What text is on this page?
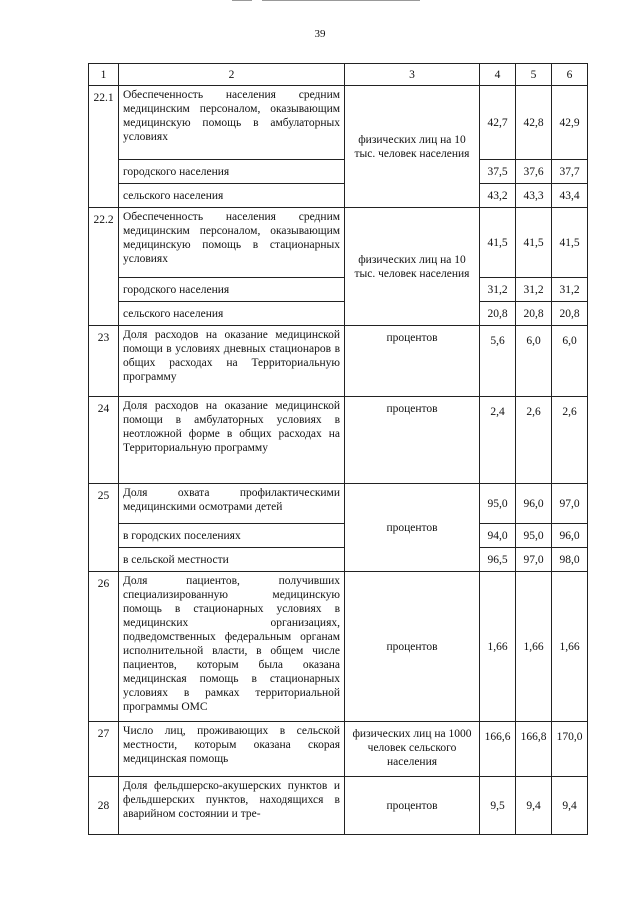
39
1	2	3	4	5	6
22.1	Обеспеченность населения средним медицинским персоналом, оказывающим медицинскую помощь в амбулаторных условиях	физических лиц на 10 тыс. человек населения	42,7	42,8	42,9
	городского населения		37,5	37,6	37,7
	сельского населения		43,2	43,3	43,4
22.2	Обеспеченность населения средним медицинским персоналом, оказывающим медицинскую помощь в стационарных условиях	физических лиц на 10 тыс. человек населения	41,5	41,5	41,5
	городского населения		31,2	31,2	31,2
	сельского населения		20,8	20,8	20,8
23	Доля расходов на оказание медицинской помощи в условиях дневных стационаров в общих расходах на Территориальную программу	процентов	5,6	6,0	6,0
24	Доля расходов на оказание медицинской помощи в амбулаторных условиях в неотложной форме в общих расходах на Территориальную программу	процентов	2,4	2,6	2,6
25	Доля охвата профилактическими медицинскими осмотрами детей	процентов	95,0	96,0	97,0
	в городских поселениях		94,0	95,0	96,0
	в сельской местности		96,5	97,0	98,0
26	Доля пациентов, получивших специализированную медицинскую помощь в стационарных условиях в медицинских организациях, подведомственных федеральным органам исполнительной власти, в общем числе пациентов, которым была оказана медицинская помощь в стационарных условиях в рамках территориальной программы ОМС	процентов	1,66	1,66	1,66
27	Число лиц, проживающих в сельской местности, которым оказана скорая медицинская помощь	физических лиц на 1000 человек сельского населения	166,6	166,8	170,0
28	Доля фельдшерско-акушерских пунктов и фельдшерских пунктов, находящихся в аварийном состоянии и тре-	процентов	9,5	9,4	9,4
